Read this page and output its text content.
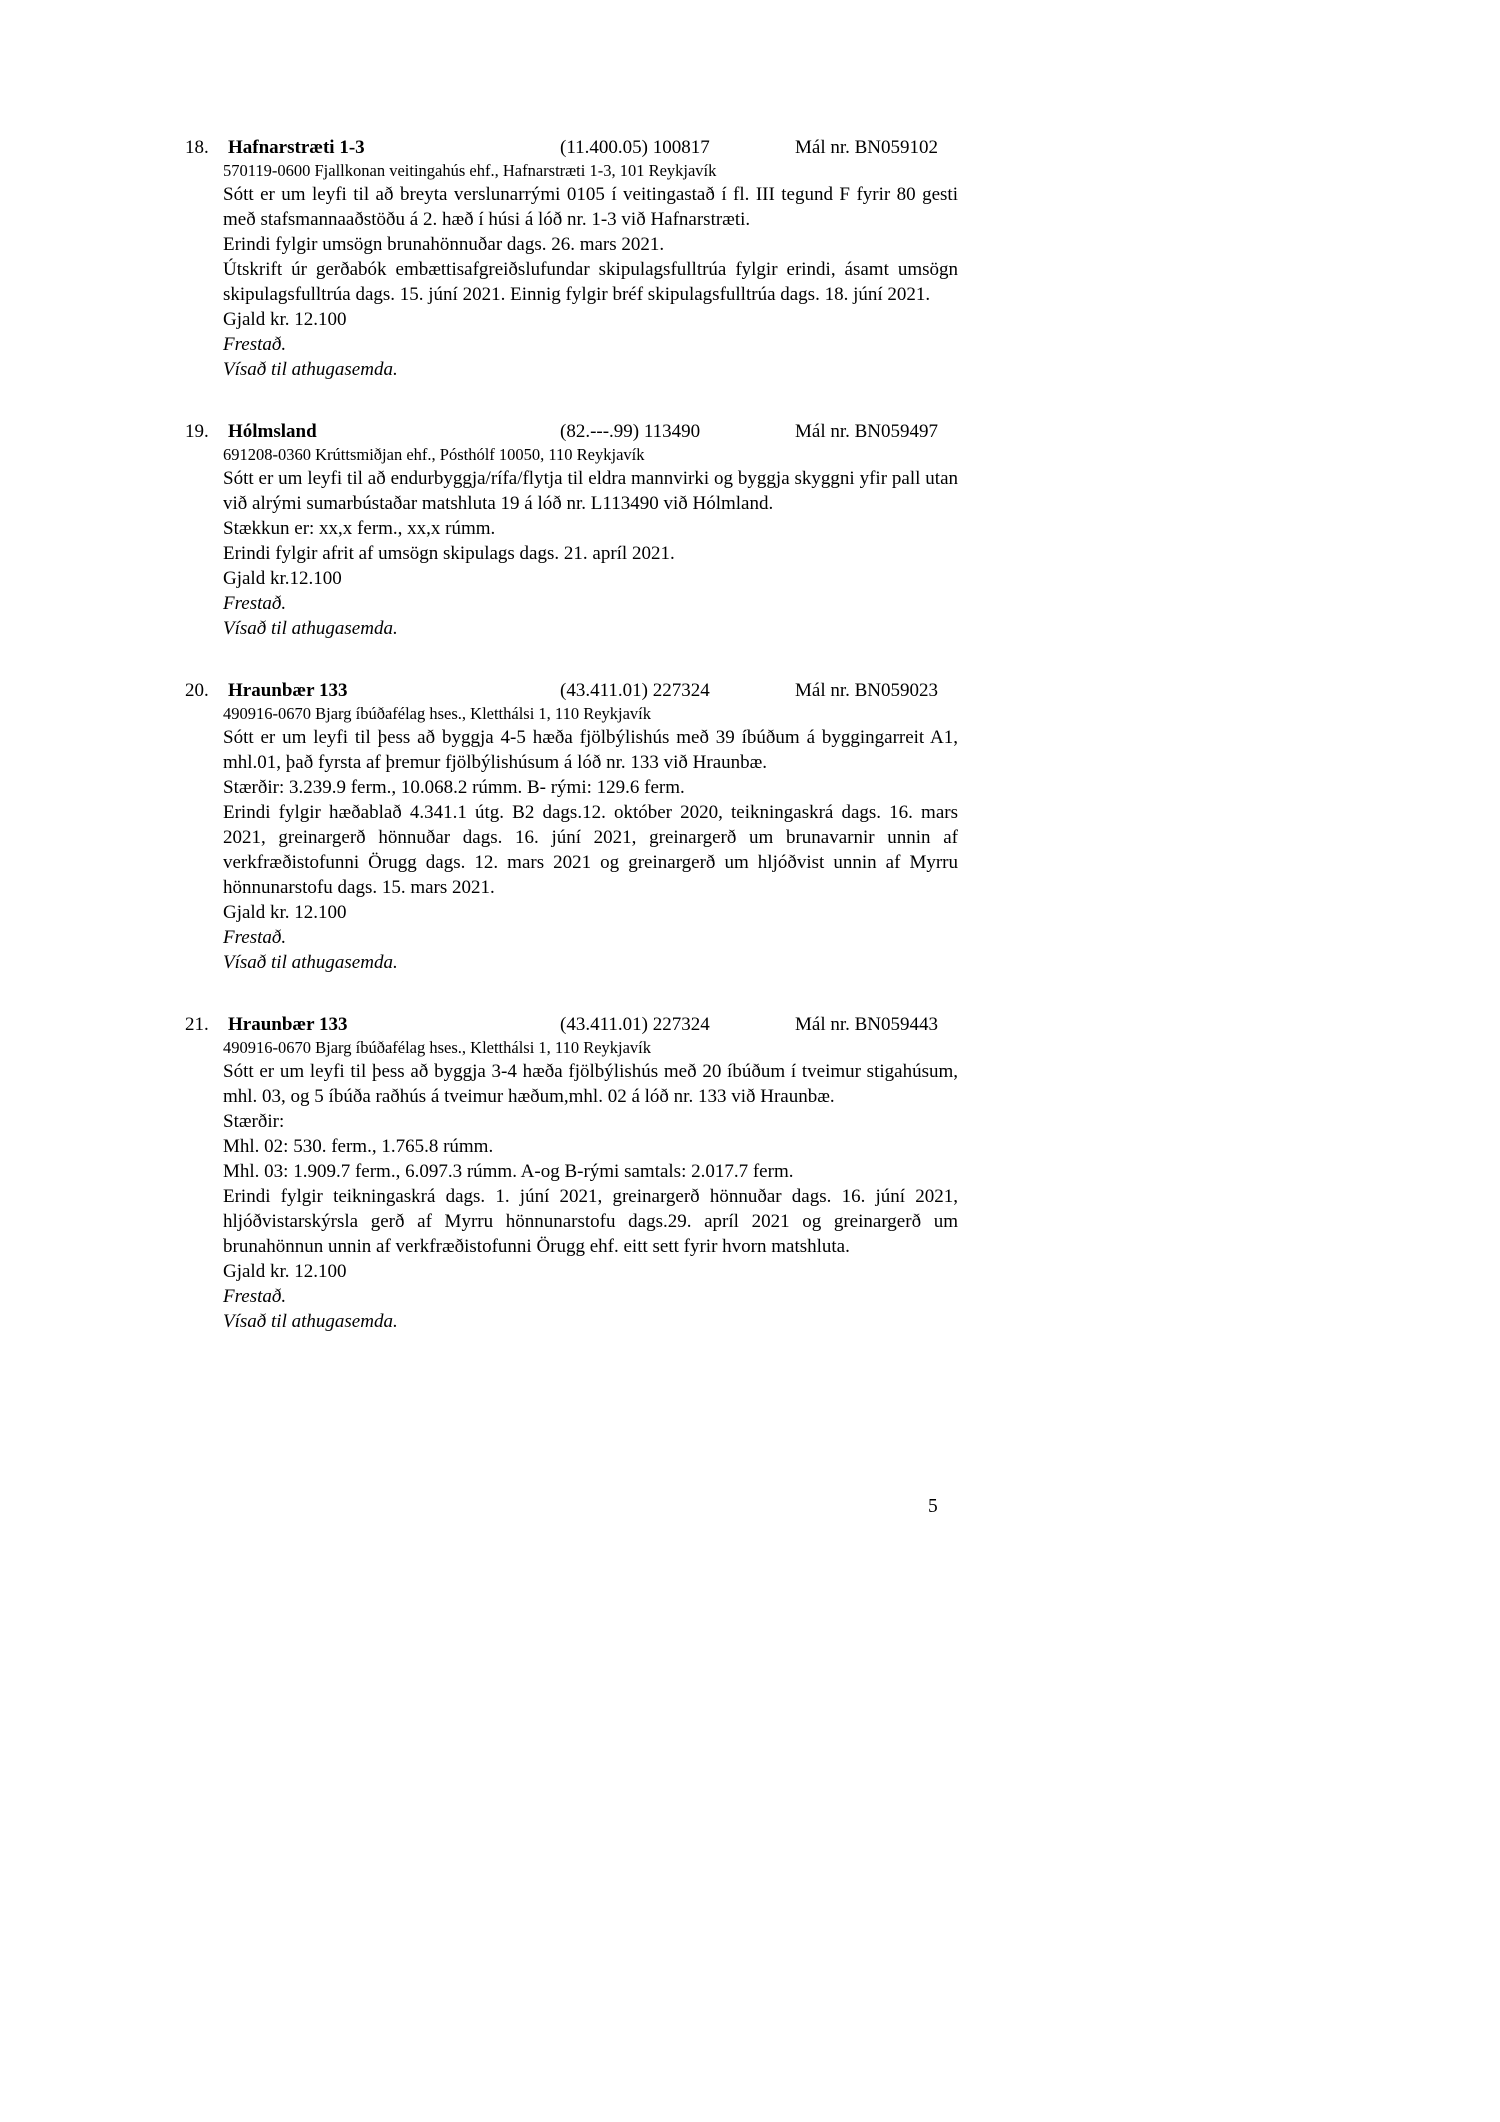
18.	Hafnarstræti 1-3	(11.400.05) 100817	Mál nr. BN059102

570119-0600 Fjallkonan veitingahús ehf., Hafnarstræti 1-3, 101 Reykjavík

Sótt er um leyfi til að breyta verslunarrými 0105 í veitingastað í fl. III tegund F fyrir 80 gesti með stafsmannaaðstöðu á 2. hæð í húsi á lóð nr. 1-3 við Hafnarstræti.

Erindi fylgir umsögn brunahönnuðar dags. 26. mars 2021.

Útskrift úr gerðabók embættisafgreiðslufundar skipulagsfulltrúa fylgir erindi, ásamt umsögn skipulagsfulltrúa dags. 15. júní 2021. Einnig fylgir bréf skipulagsfulltrúa dags. 18. júní 2021.

Gjald kr. 12.100

Frestað.

Vísað til athugasemda.

19.	Hólmsland	(82.---.99) 113490	Mál nr. BN059497

691208-0360 Krúttsmiðjan ehf., Pósthólf 10050, 110 Reykjavík

Sótt er um leyfi til að endurbyggja/rífa/flytja til eldra mannvirki og byggja skyggni yfir pall utan við alrými sumarbústaðar matshluta 19 á lóð nr. L113490 við Hólmland.

Stækkun er: xx,x ferm., xx,x rúmm.

Erindi fylgir afrit af umsögn skipulags dags. 21. apríl 2021.

Gjald kr.12.100

Frestað.

Vísað til athugasemda.

20.	Hraunbær 133	(43.411.01) 227324	Mál nr. BN059023

490916-0670 Bjarg íbúðafélag hses., Kletthálsi 1, 110 Reykjavík

Sótt er um leyfi til þess að byggja 4-5 hæða fjölbýlishús með 39 íbúðum á byggingarreit A1, mhl.01, það fyrsta af þremur fjölbýlishúsum á lóð nr. 133 við Hraunbæ.

Stærðir: 3.239.9 ferm., 10.068.2 rúmm. B- rými: 129.6 ferm.

Erindi fylgir hæðablað 4.341.1 útg. B2 dags.12. október 2020, teikningaskrá dags. 16. mars 2021, greinargerð hönnuðar dags. 16. júní 2021, greinargerð um brunavarnir unnin af verkfræðistofunni Örugg dags. 12. mars 2021 og greinargerð um hljóðvist unnin af Myrru hönnunarstofu dags. 15. mars 2021.

Gjald kr. 12.100

Frestað.

Vísað til athugasemda.

21.	Hraunbær 133	(43.411.01) 227324	Mál nr. BN059443

490916-0670 Bjarg íbúðafélag hses., Kletthálsi 1, 110 Reykjavík

Sótt er um leyfi til þess að byggja 3-4 hæða fjölbýlishús með 20 íbúðum í tveimur stigahúsum, mhl. 03, og 5 íbúða raðhús á tveimur hæðum,mhl. 02 á lóð nr. 133 við Hraunbæ.

Stærðir:

Mhl. 02: 530. ferm., 1.765.8 rúmm.

Mhl. 03: 1.909.7 ferm., 6.097.3 rúmm. A-og B-rými samtals: 2.017.7 ferm.

Erindi fylgir teikningaskrá dags. 1. júní 2021, greinargerð hönnuðar dags. 16. júní 2021, hljóðvistarskýrsla gerð af Myrru hönnunarstofu dags.29. apríl 2021 og greinargerð um brunahönnun unnin af verkfræðistofunni Örugg ehf. eitt sett fyrir hvorn matshluta.

Gjald kr. 12.100

Frestað.

Vísað til athugasemda.

5
